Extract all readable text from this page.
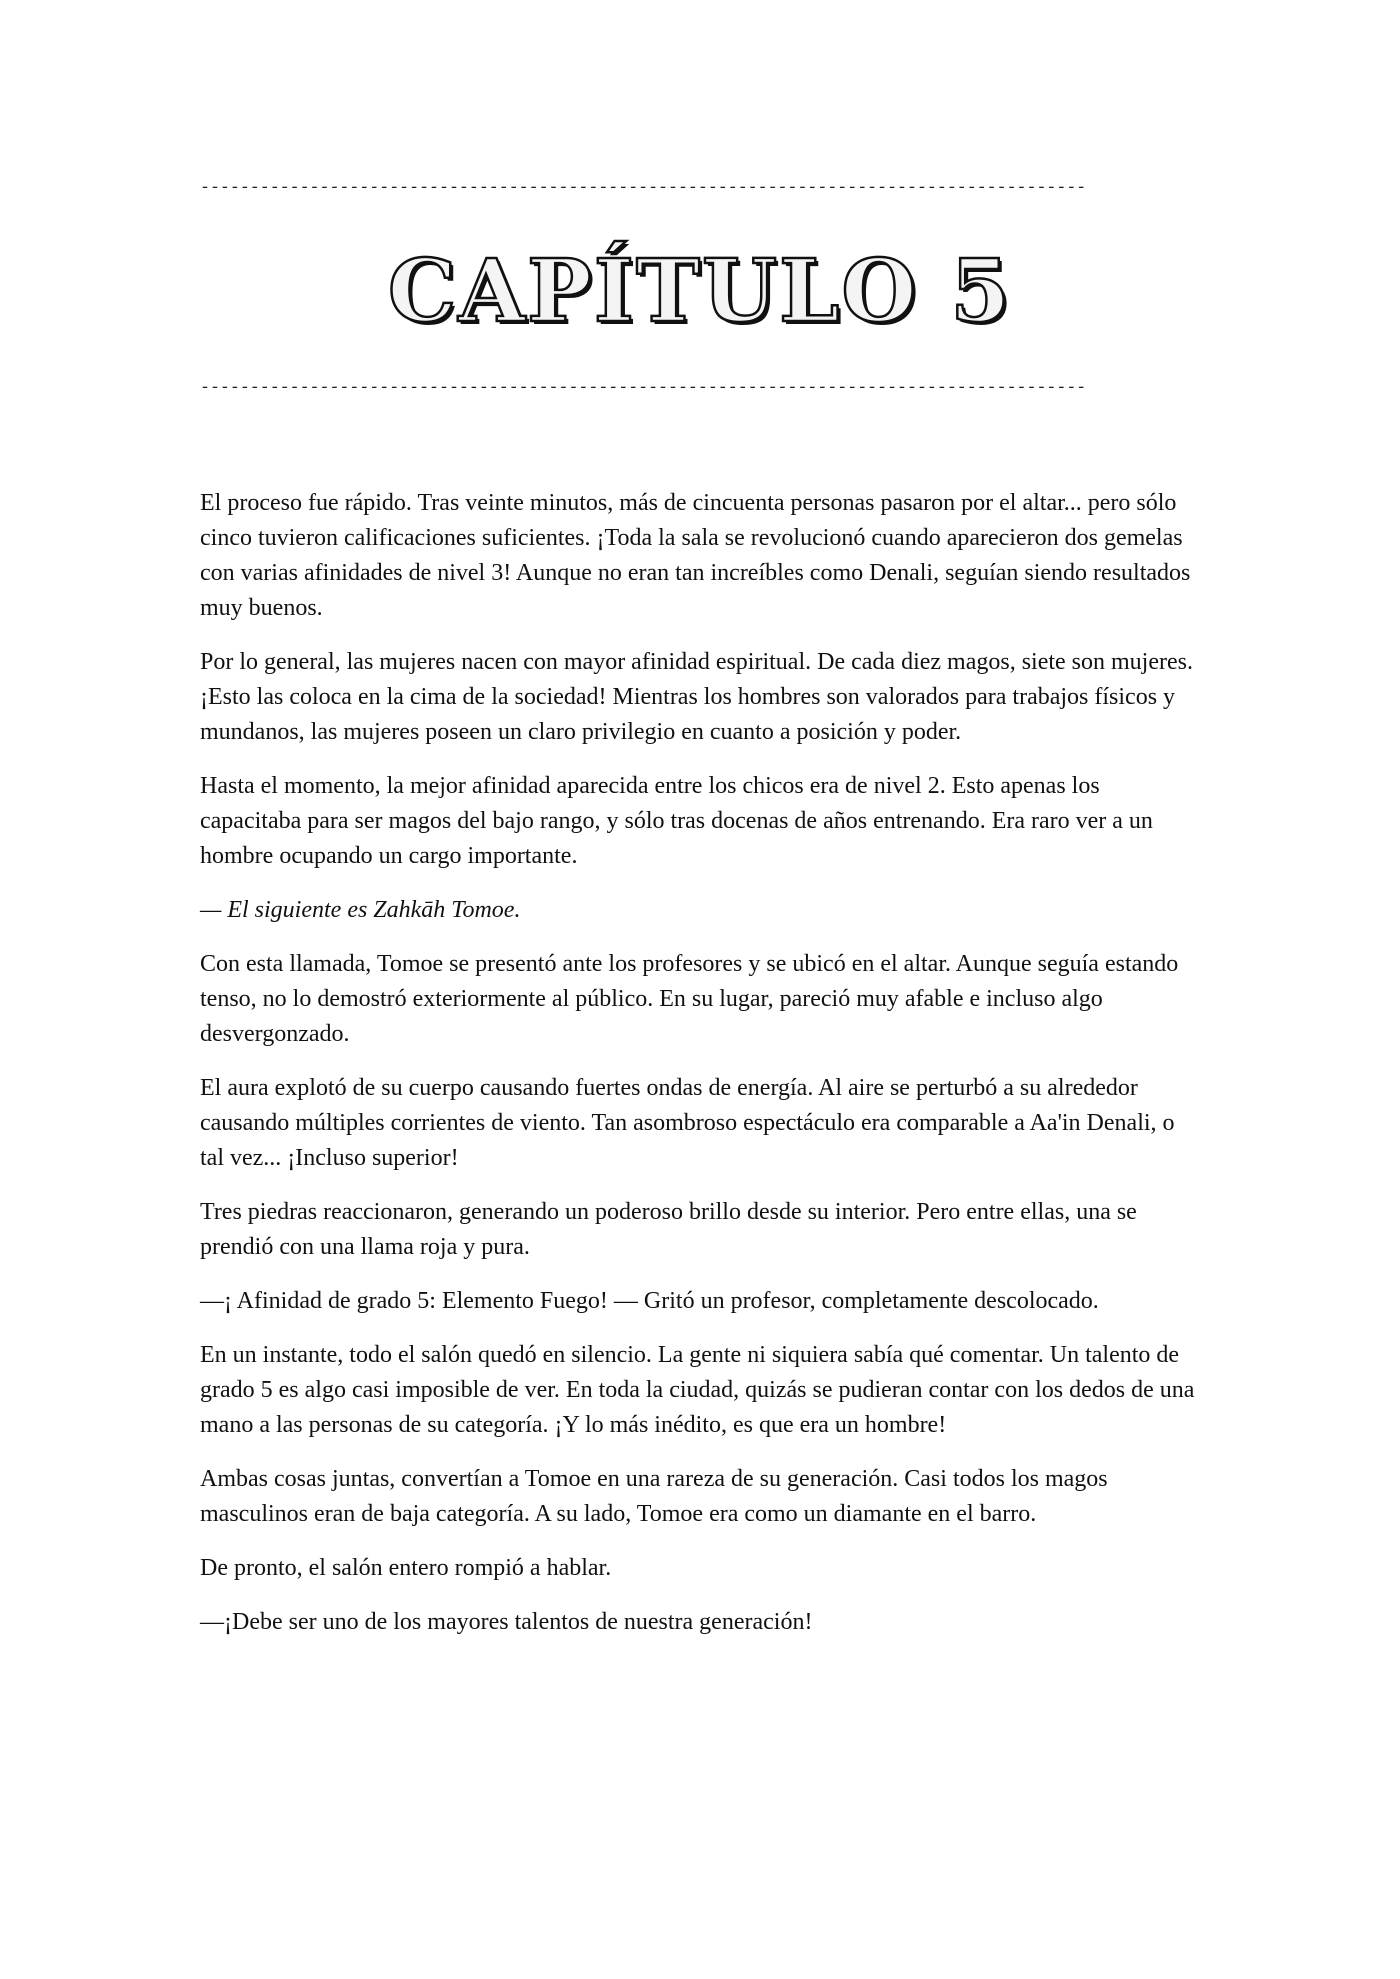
-----------------------------------------------------------------------------------------
CAPÍTULO 5
-----------------------------------------------------------------------------------------

El proceso fue rápido. Tras veinte minutos, más de cincuenta personas pasaron por el altar... pero sólo cinco tuvieron calificaciones suficientes. ¡Toda la sala se revolucionó cuando aparecieron dos gemelas con varias afinidades de nivel 3! Aunque no eran tan increíbles como Denali, seguían siendo resultados muy buenos.

Por lo general, las mujeres nacen con mayor afinidad espiritual. De cada diez magos, siete son mujeres. ¡Esto las coloca en la cima de la sociedad! Mientras los hombres son valorados para trabajos físicos y mundanos, las mujeres poseen un claro privilegio en cuanto a posición y poder.

Hasta el momento, la mejor afinidad aparecida entre los chicos era de nivel 2. Esto apenas los capacitaba para ser magos del bajo rango, y sólo tras docenas de años entrenando. Era raro ver a un hombre ocupando un cargo importante.

— El siguiente es Zahkāh Tomoe.

Con esta llamada, Tomoe se presentó ante los profesores y se ubicó en el altar. Aunque seguía estando tenso, no lo demostró exteriormente al público. En su lugar, pareció muy afable e incluso algo desvergonzado.

El aura explotó de su cuerpo causando fuertes ondas de energía. Al aire se perturbó a su alrededor causando múltiples corrientes de viento. Tan asombroso espectáculo era comparable a Aa'in Denali, o tal vez... ¡Incluso superior!

Tres piedras reaccionaron, generando un poderoso brillo desde su interior. Pero entre ellas, una se prendió con una llama roja y pura.

—¡ Afinidad de grado 5: Elemento Fuego! — Gritó un profesor, completamente descolocado.

En un instante, todo el salón quedó en silencio. La gente ni siquiera sabía qué comentar. Un talento de grado 5 es algo casi imposible de ver. En toda la ciudad, quizás se pudieran contar con los dedos de una mano a las personas de su categoría. ¡Y lo más inédito, es que era un hombre!

Ambas cosas juntas, convertían a Tomoe en una rareza de su generación. Casi todos los magos masculinos eran de baja categoría. A su lado, Tomoe era como un diamante en el barro.

De pronto, el salón entero rompió a hablar.

—¡Debe ser uno de los mayores talentos de nuestra generación!
